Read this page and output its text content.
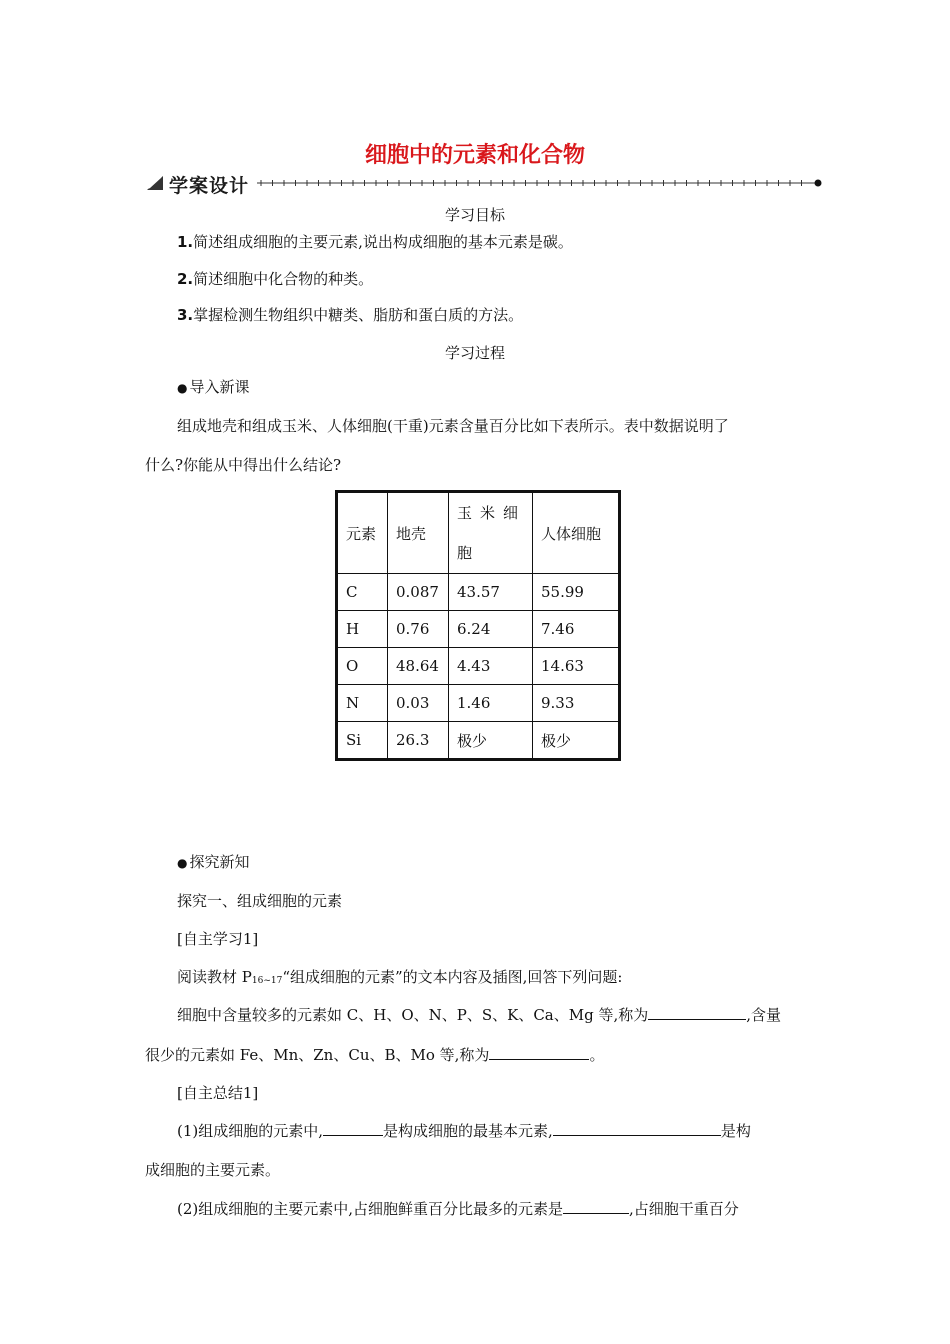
细胞中的元素和化合物
学案设计
学习目标
1.简述组成细胞的主要元素,说出构成细胞的基本元素是碳。
2.简述细胞中化合物的种类。
3.掌握检测生物组织中糖类、脂肪和蛋白质的方法。
学习过程
● 导入新课
组成地壳和组成玉米、人体细胞(干重)元素含量百分比如下表所示。表中数据说明了
什么?你能从中得出什么结论?
元素	地壳	玉米细胞	人体细胞
C	0.087	43.57	55.99
H	0.76	6.24	7.46
O	48.64	4.43	14.63
N	0.03	1.46	9.33
Si	26.3	极少	极少
● 探究新知
探究一、组成细胞的元素
[自主学习1]
阅读教材 P16~17“组成细胞的元素”的文本内容及插图,回答下列问题:
细胞中含量较多的元素如 C、H、O、N、P、S、K、Ca、Mg 等,称为	,含量
很少的元素如 Fe、Mn、Zn、Cu、B、Mo 等,称为	。
[自主总结1]
(1)组成细胞的元素中,	是构成细胞的最基本元素,	是构
成细胞的主要元素。
(2)组成细胞的主要元素中,占细胞鲜重百分比最多的元素是	,占细胞干重百分
